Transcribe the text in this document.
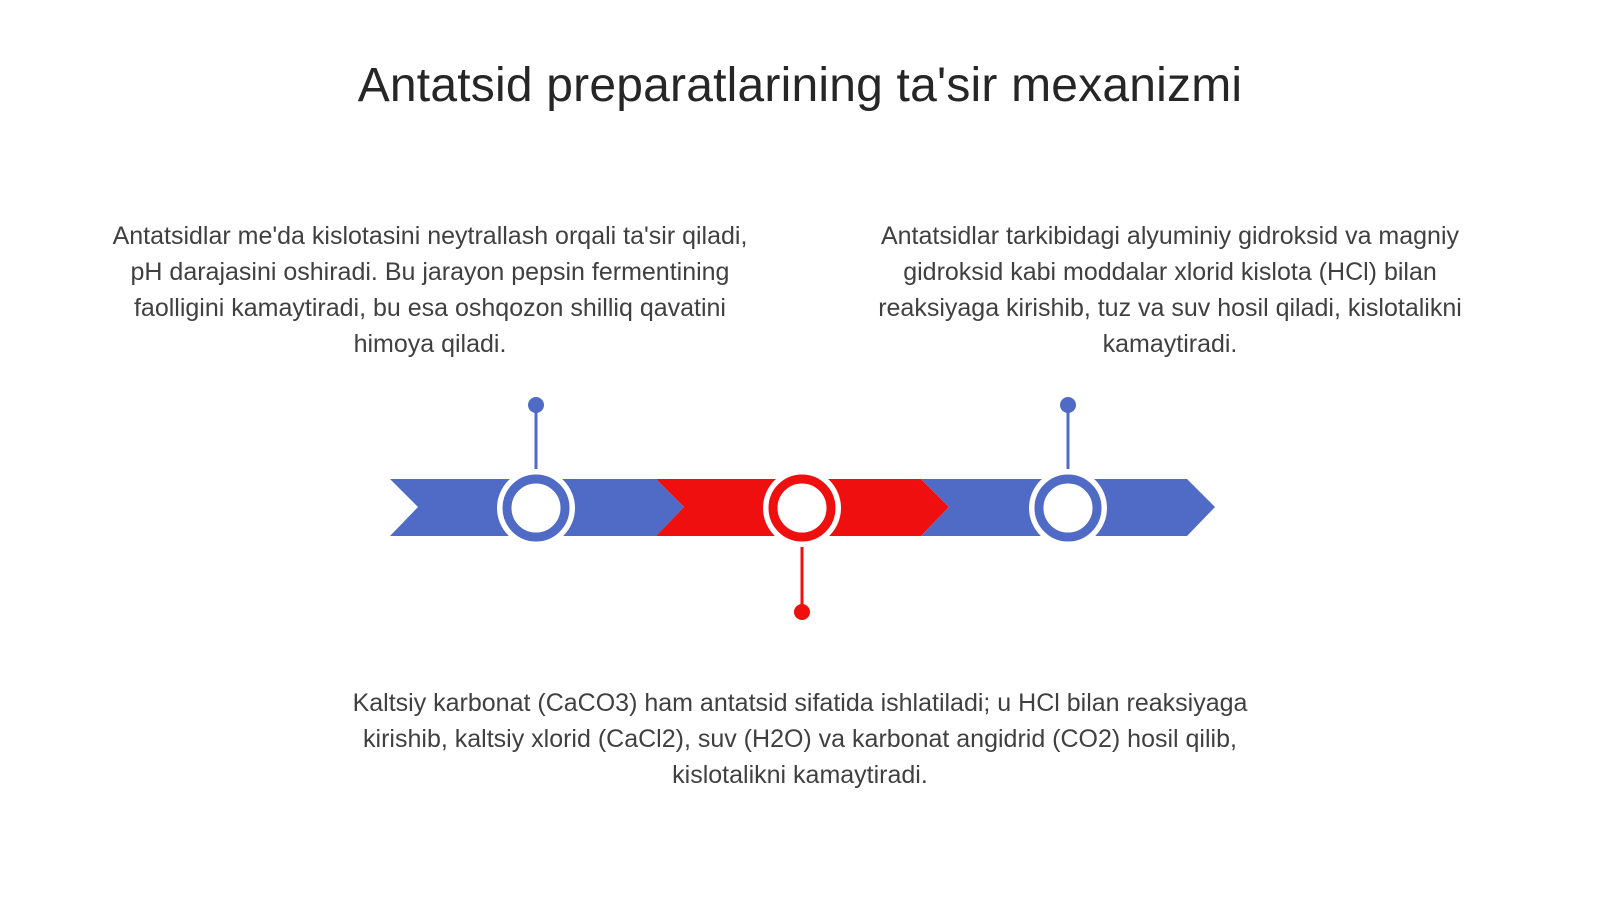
Antatsid preparatlarining ta'sir mexanizmi

Antatsidlar me'da kislotasini neytrallash orqali ta'sir qiladi, pH darajasini oshiradi. Bu jarayon pepsin fermentining faolligini kamaytiradi, bu esa oshqozon shilliq qavatini himoya qiladi.

Antatsidlar tarkibidagi alyuminiy gidroksid va magniy gidroksid kabi moddalar xlorid kislota (HCl) bilan reaksiyaga kirishib, tuz va suv hosil qiladi, kislotalikni kamaytiradi.

Kaltsiy karbonat (CaCO3) ham antatsid sifatida ishlatiladi; u HCl bilan reaksiyaga kirishib, kaltsiy xlorid (CaCl2), suv (H2O) va karbonat angidrid (CO2) hosil qilib, kislotalikni kamaytiradi.
